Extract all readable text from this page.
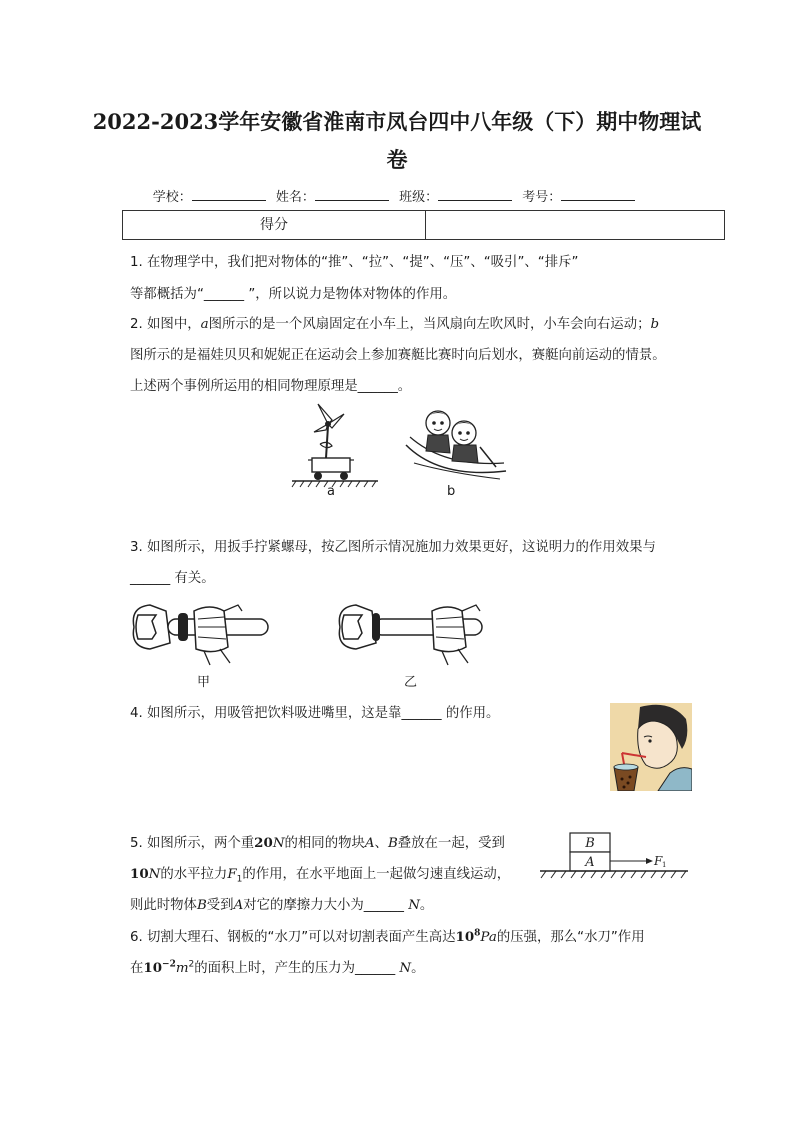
2022-2023学年安徽省淮南市凤台四中八年级（下）期中物理试
卷
学校：	姓名：	班级：	考号：
得分
1. 在物理学中，我们把对物体的“推”、“拉”、“提”、“压”、“吸引”、“排斥”
等都概括为“______ ”，所以说力是物体对物体的作用。
2. 如图中，a图所示的是一个风扇固定在小车上，当风扇向左吹风时，小车会向右运动；b
图所示的是福娃贝贝和妮妮正在运动会上参加赛艇比赛时向后划水，赛艇向前运动的情景。
上述两个事例所运用的相同物理原理是______。
a	b
3. 如图所示，用扳手拧紧螺母，按乙图所示情况施加力效果更好，这说明力的作用效果与
______ 有关。
甲	乙
4. 如图所示，用吸管把饮料吸进嘴里，这是靠______ 的作用。
5. 如图所示，两个重20N的相同的物块A、B叠放在一起，受到
10N的水平拉力$F_1$的作用，在水平地面上一起做匀速直线运动，
则此时物体B受到A对它的摩擦力大小为______ N。
B
A	F 1
6. 切割大理石、钢板的“水刀”可以对切割表面产生高达$10^8Pa$的压强，那么“水刀”作用
在$10^{-2}m^2$的面积上时，产生的压力为______ N。
